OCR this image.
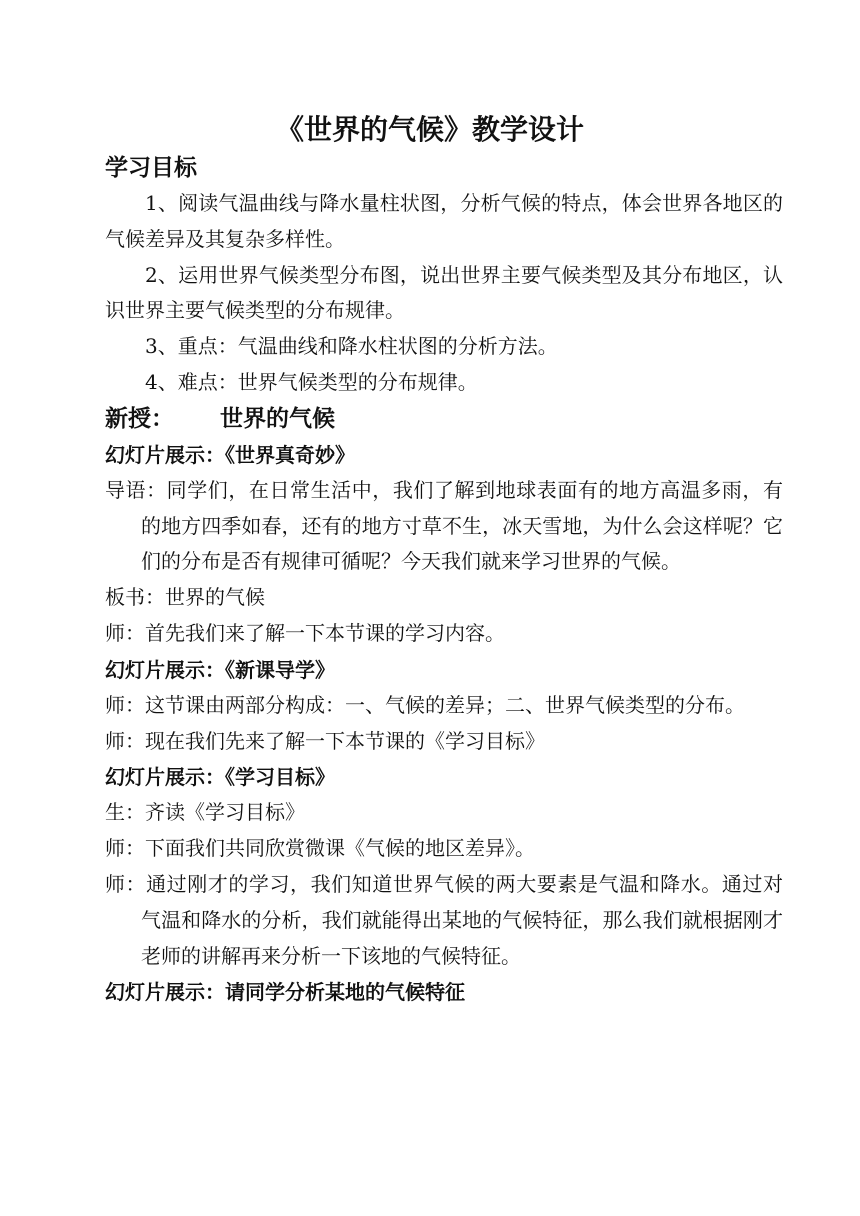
《世界的气候》教学设计
学习目标

1、阅读气温曲线与降水量柱状图，分析气候的特点，体会世界各地区的气候差异及其复杂多样性。

2、运用世界气候类型分布图，说出世界主要气候类型及其分布地区，认识世界主要气候类型的分布规律。

3、重点：气温曲线和降水柱状图的分析方法。

4、难点：世界气候类型的分布规律。

新授： 世界的气候
幻灯片展示：《世界真奇妙》

导语：同学们，在日常生活中，我们了解到地球表面有的地方高温多雨，有的地方四季如春，还有的地方寸草不生，冰天雪地，为什么会这样呢？它们的分布是否有规律可循呢？今天我们就来学习世界的气候。

板书：世界的气候

师：首先我们来了解一下本节课的学习内容。

幻灯片展示：《新课导学》

师：这节课由两部分构成：一、气候的差异；二、世界气候类型的分布。

师：现在我们先来了解一下本节课的《学习目标》

幻灯片展示：《学习目标》

生：齐读《学习目标》

师：下面我们共同欣赏微课《气候的地区差异》。

师：通过刚才的学习，我们知道世界气候的两大要素是气温和降水。通过对气温和降水的分析，我们就能得出某地的气候特征，那么我们就根据刚才老师的讲解再来分析一下该地的气候特征。

幻灯片展示：请同学分析某地的气候特征
